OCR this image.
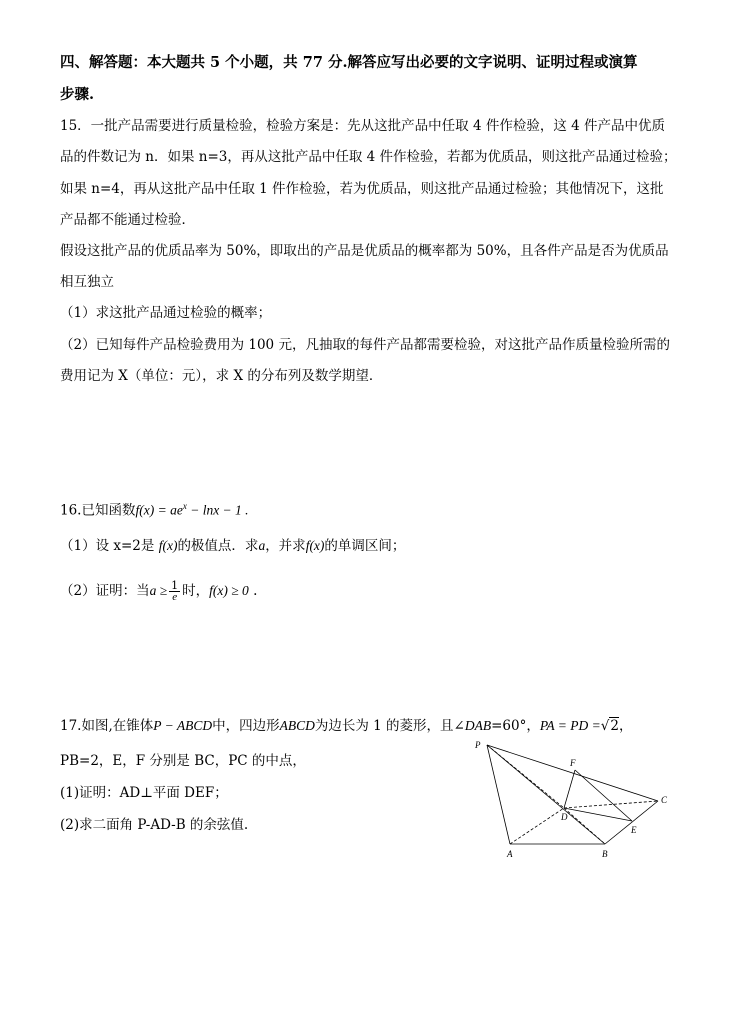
四、解答题：本大题共 5 个小题，共 77 分.解答应写出必要的文字说明、证明过程或演算
步骤.
15．一批产品需要进行质量检验，检验方案是：先从这批产品中任取 4 件作检验，这 4 件产品中优质
品的件数记为 n．如果 n=3，再从这批产品中任取 4 件作检验，若都为优质品，则这批产品通过检验；
如果 n=4，再从这批产品中任取 1 件作检验，若为优质品，则这批产品通过检验；其他情况下，这批
产品都不能通过检验．
假设这批产品的优质品率为 50%，即取出的产品是优质品的概率都为 50%，且各件产品是否为优质品
相互独立
（1）求这批产品通过检验的概率；
（2）已知每件产品检验费用为 100 元，凡抽取的每件产品都需要检验，对这批产品作质量检验所需的
费用记为 X（单位：元），求 X 的分布列及数学期望．
16.已知函数$f(x) = ae^x - \ln x - 1$ .
（1）设 x=2是 f(x)的极值点．求a，并求f(x)的单调区间；
（2）证明：当$a \ge \frac{1}{e}$ 时，f(x) ≥ 0 .
17.如图,在锥体P − ABCD中，四边形ABCD为边长为 1 的菱形，且∠DAB=60°，PA = PD =√2，
PB=2，E，F 分别是 BC，PC 的中点，
(1)证明：AD⊥平面 DEF；
(2)求二面角 P-AD-B 的余弦值.
P
F
C
D
E
A	B
